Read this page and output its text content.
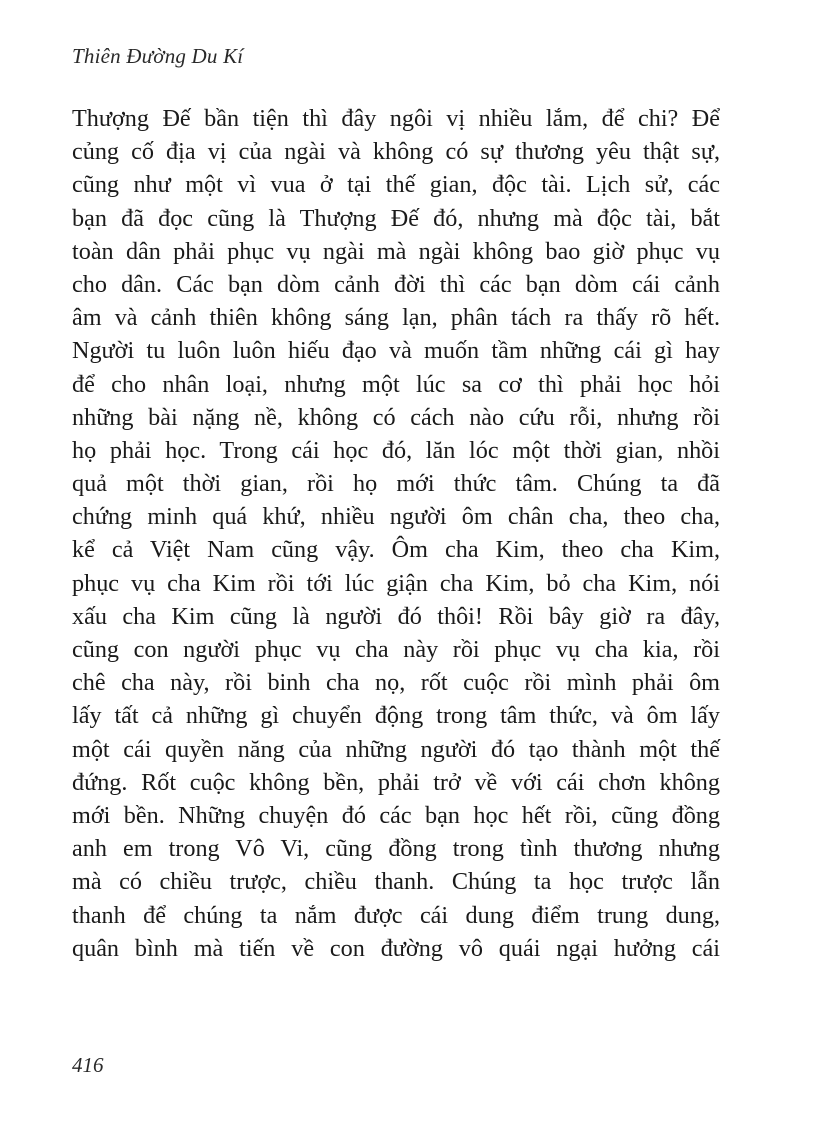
Thiên Đường Du Kí
Thượng Đế bần tiện thì đây ngôi vị nhiều lắm, để chi? Để
củng cố địa vị của ngài và không có sự thương yêu thật sự,
cũng như một vì vua ở tại thế gian, độc tài. Lịch sử, các
bạn đã đọc cũng là Thượng Đế đó, nhưng mà độc tài, bắt
toàn dân phải phục vụ ngài mà ngài không bao giờ phục vụ
cho dân. Các bạn dòm cảnh đời thì các bạn dòm cái cảnh
âm và cảnh thiên không sáng lạn, phân tách ra thấy rõ hết.
Người tu luôn luôn hiếu đạo và muốn tầm những cái gì hay
để cho nhân loại, nhưng một lúc sa cơ thì phải học hỏi
những bài nặng nề, không có cách nào cứu rỗi, nhưng rồi
họ phải học. Trong cái học đó, lăn lóc một thời gian, nhồi
quả một thời gian, rồi họ mới thức tâm. Chúng ta đã
chứng minh quá khứ, nhiều người ôm chân cha, theo cha,
kể cả Việt Nam cũng vậy. Ôm cha Kim, theo cha Kim,
phục vụ cha Kim rồi tới lúc giận cha Kim, bỏ cha Kim, nói
xấu cha Kim cũng là người đó thôi! Rồi bây giờ ra đây,
cũng con người phục vụ cha này rồi phục vụ cha kia, rồi
chê cha này, rồi binh cha nọ, rốt cuộc rồi mình phải ôm
lấy tất cả những gì chuyển động trong tâm thức, và ôm lấy
một cái quyền năng của những người đó tạo thành một thế
đứng. Rốt cuộc không bền, phải trở về với cái chơn không
mới bền. Những chuyện đó các bạn học hết rồi, cũng đồng
anh em trong Vô Vi, cũng đồng trong tình thương nhưng
mà có chiều trược, chiều thanh. Chúng ta học trược lẫn
thanh để chúng ta nắm được cái dung điểm trung dung,
quân bình mà tiến về con đường vô quái ngại hưởng cái
416
